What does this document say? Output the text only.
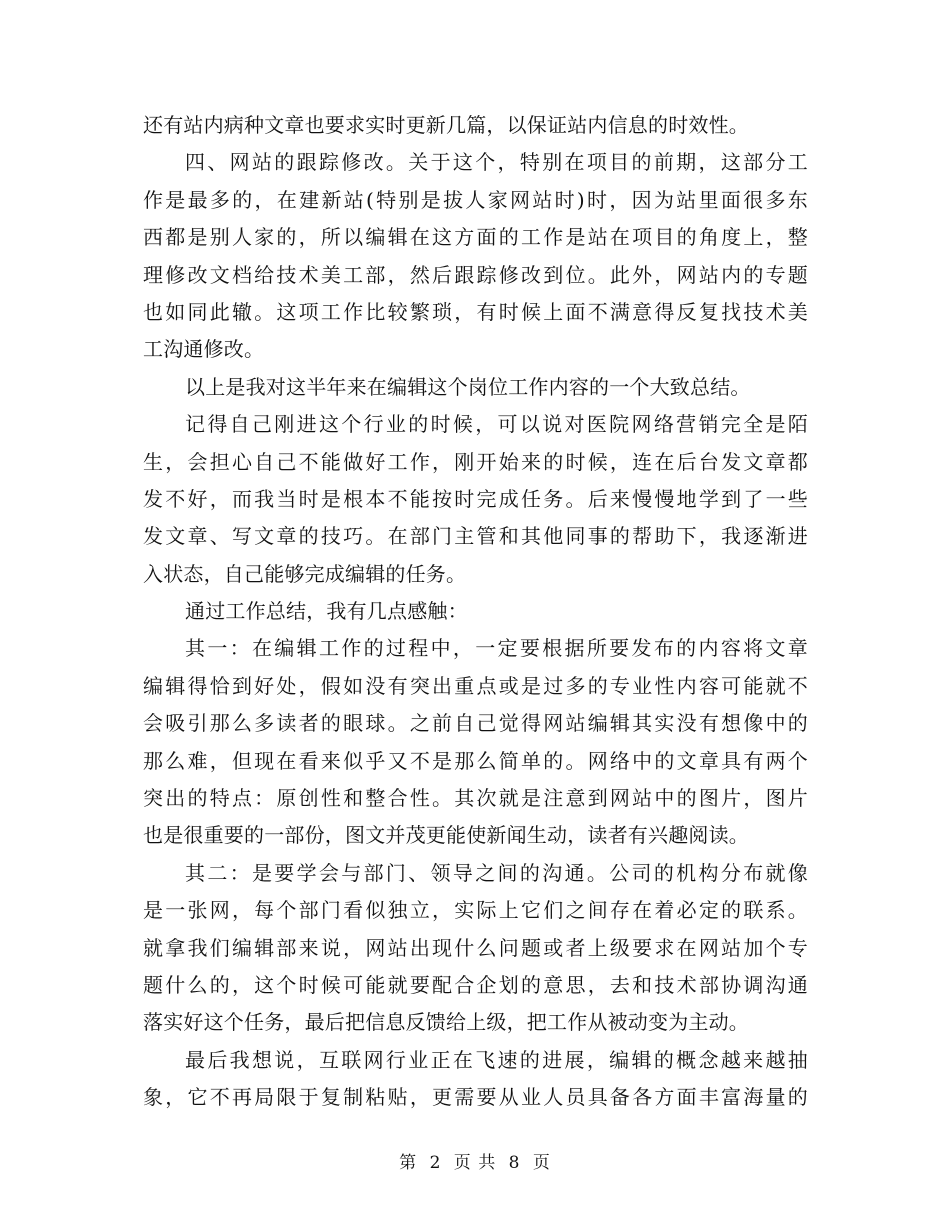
还有站内病种文章也要求实时更新几篇，以保证站内信息的时效性。
四、网站的跟踪修改。关于这个，特别在项目的前期，这部分工
作是最多的，在建新站(特别是拔人家网站时)时，因为站里面很多东
西都是别人家的，所以编辑在这方面的工作是站在项目的角度上，整
理修改文档给技术美工部，然后跟踪修改到位。此外，网站内的专题
也如同此辙。这项工作比较繁琐，有时候上面不满意得反复找技术美
工沟通修改。
以上是我对这半年来在编辑这个岗位工作内容的一个大致总结。
记得自己刚进这个行业的时候，可以说对医院网络营销完全是陌
生，会担心自己不能做好工作，刚开始来的时候，连在后台发文章都
发不好，而我当时是根本不能按时完成任务。后来慢慢地学到了一些
发文章、写文章的技巧。在部门主管和其他同事的帮助下，我逐渐进
入状态，自己能够完成编辑的任务。
通过工作总结，我有几点感触：
其一：在编辑工作的过程中，一定要根据所要发布的内容将文章
编辑得恰到好处，假如没有突出重点或是过多的专业性内容可能就不
会吸引那么多读者的眼球。之前自己觉得网站编辑其实没有想像中的
那么难，但现在看来似乎又不是那么简单的。网络中的文章具有两个
突出的特点：原创性和整合性。其次就是注意到网站中的图片，图片
也是很重要的一部份，图文并茂更能使新闻生动，读者有兴趣阅读。
其二：是要学会与部门、领导之间的沟通。公司的机构分布就像
是一张网，每个部门看似独立，实际上它们之间存在着必定的联系。
就拿我们编辑部来说，网站出现什么问题或者上级要求在网站加个专
题什么的，这个时候可能就要配合企划的意思，去和技术部协调沟通
落实好这个任务，最后把信息反馈给上级，把工作从被动变为主动。
最后我想说，互联网行业正在飞速的进展，编辑的概念越来越抽
象，它不再局限于复制粘贴，更需要从业人员具备各方面丰富海量的
第 2 页 共 8 页
